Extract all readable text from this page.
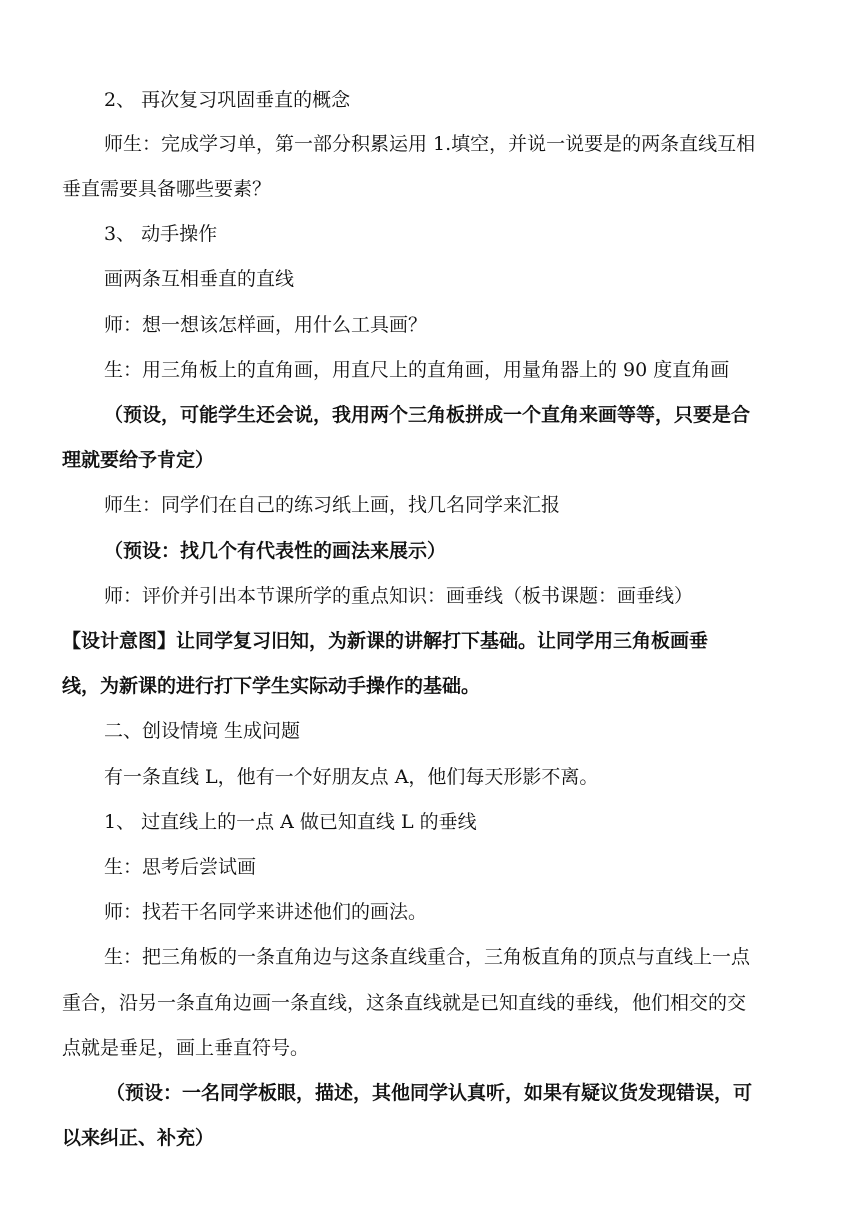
2、 再次复习巩固垂直的概念
师生：完成学习单，第一部分积累运用 1.填空，并说一说要是的两条直线互相
垂直需要具备哪些要素？
3、 动手操作
画两条互相垂直的直线
师：想一想该怎样画，用什么工具画？
生：用三角板上的直角画，用直尺上的直角画，用量角器上的 90 度直角画
（预设，可能学生还会说，我用两个三角板拼成一个直角来画等等，只要是合
理就要给予肯定）
师生：同学们在自己的练习纸上画，找几名同学来汇报
（预设：找几个有代表性的画法来展示）
师：评价并引出本节课所学的重点知识：画垂线（板书课题：画垂线）
【设计意图】让同学复习旧知，为新课的讲解打下基础。让同学用三角板画垂
线，为新课的进行打下学生实际动手操作的基础。
二、创设情境 生成问题
有一条直线 L，他有一个好朋友点 A，他们每天形影不离。
1、 过直线上的一点 A 做已知直线 L 的垂线
生：思考后尝试画
师：找若干名同学来讲述他们的画法。
生：把三角板的一条直角边与这条直线重合，三角板直角的顶点与直线上一点
重合，沿另一条直角边画一条直线，这条直线就是已知直线的垂线，他们相交的交
点就是垂足，画上垂直符号。
（预设：一名同学板眼，描述，其他同学认真听，如果有疑议货发现错误，可
以来纠正、补充）
